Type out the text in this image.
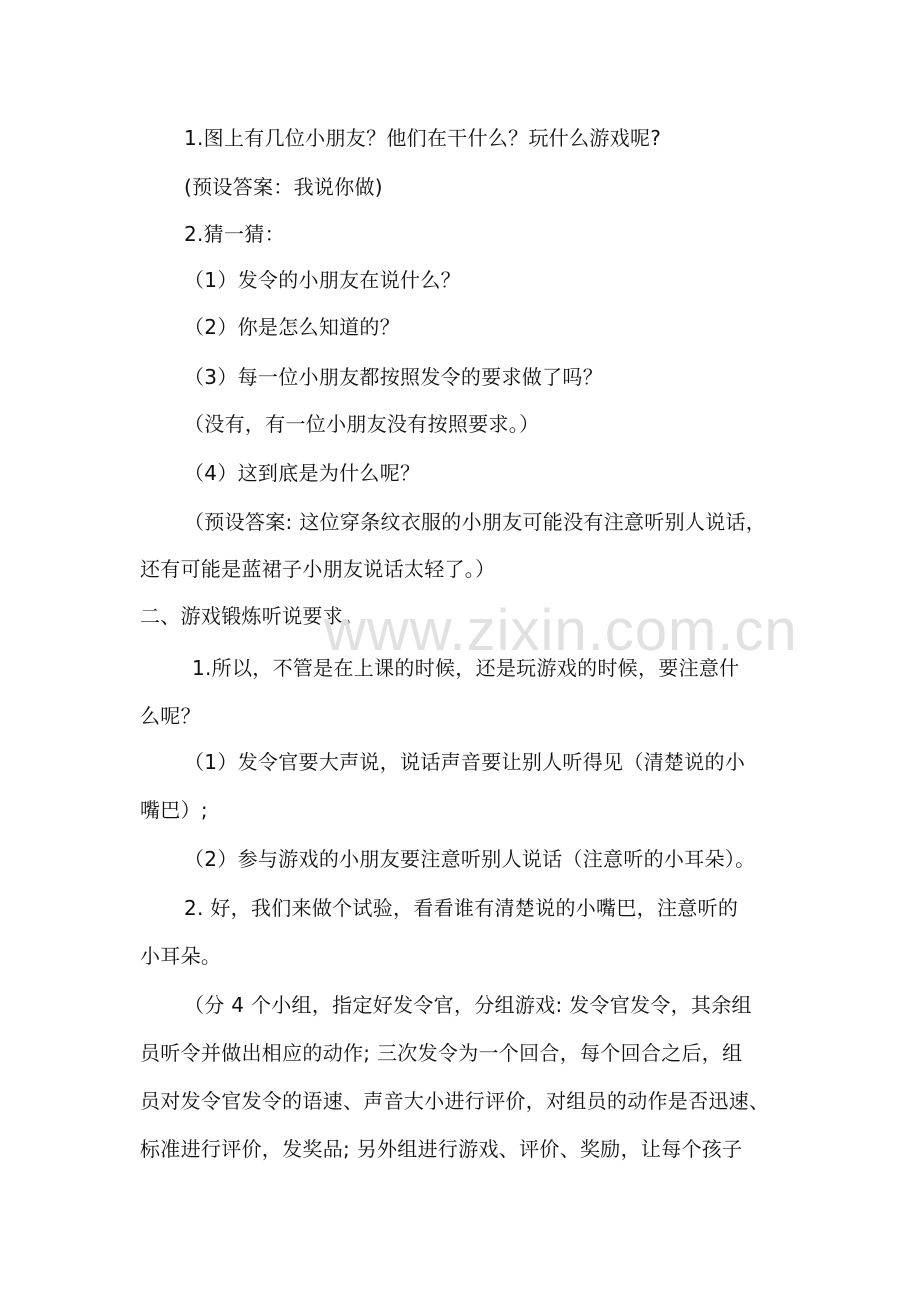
1.图上有几位小朋友？他们在干什么？玩什么游戏呢?
(预设答案：我说你做)
2.猜一猜：
（1）发令的小朋友在说什么？
（2）你是怎么知道的？
（3）每一位小朋友都按照发令的要求做了吗？
（没有，有一位小朋友没有按照要求。）
（4）这到底是为什么呢？
（预设答案: 这位穿条纹衣服的小朋友可能没有注意听别人说话，
还有可能是蓝裙子小朋友说话太轻了。）
二、游戏锻炼听说要求。
1.所以，不管是在上课的时候，还是玩游戏的时候，要注意什
么呢？
（1）发令官要大声说，说话声音要让别人听得见（清楚说的小
嘴巴）;
（2）参与游戏的小朋友要注意听别人说话（注意听的小耳朵）。
2. 好，我们来做个试验，看看谁有清楚说的小嘴巴，注意听的
小耳朵。
（分 4 个小组，指定好发令官，分组游戏: 发令官发令，其余组
员听令并做出相应的动作; 三次发令为一个回合，每个回合之后，组
员对发令官发令的语速、声音大小进行评价，对组员的动作是否迅速、
标准进行评价，发奖品; 另外组进行游戏、评价、奖励，让每个孩子
www.zixin.com.cn
